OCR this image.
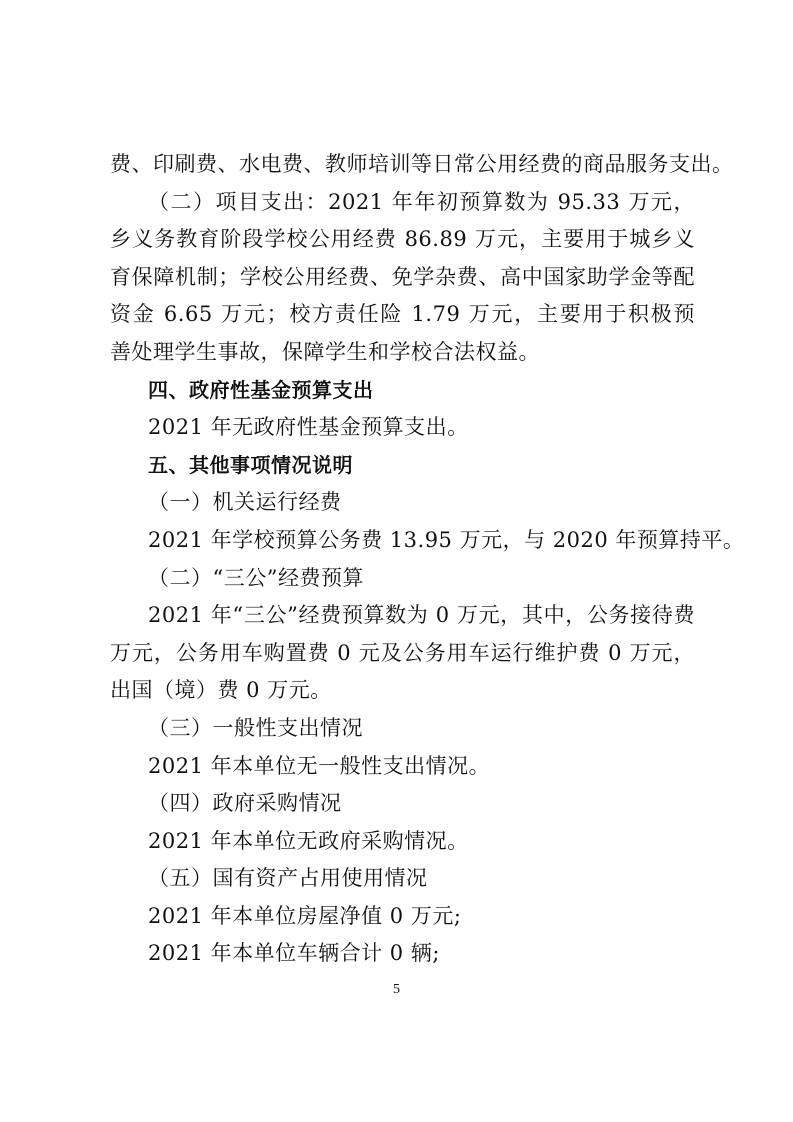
费、印刷费、水电费、教师培训等日常公用经费的商品服务支出。
（二）项目支出：2021 年年初预算数为 95.33 万元，
乡义务教育阶段学校公用经费 86.89 万元，主要用于城乡义
育保障机制；学校公用经费、免学杂费、高中国家助学金等配
资金 6.65 万元；校方责任险 1.79 万元，主要用于积极预
善处理学生事故，保障学生和学校合法权益。
四、政府性基金预算支出
2021 年无政府性基金预算支出。
五、其他事项情况说明
（一）机关运行经费
2021 年学校预算公务费 13.95 万元，与 2020 年预算持平。
（二）“三公”经费预算
2021 年“三公”经费预算数为 0 万元，其中，公务接待费
万元，公务用车购置费 0 元及公务用车运行维护费 0 万元，
出国（境）费 0 万元。
（三）一般性支出情况
2021 年本单位无一般性支出情况。
（四）政府采购情况
2021 年本单位无政府采购情况。
（五）国有资产占用使用情况
2021 年本单位房屋净值 0 万元;
2021 年本单位车辆合计 0 辆;
5
